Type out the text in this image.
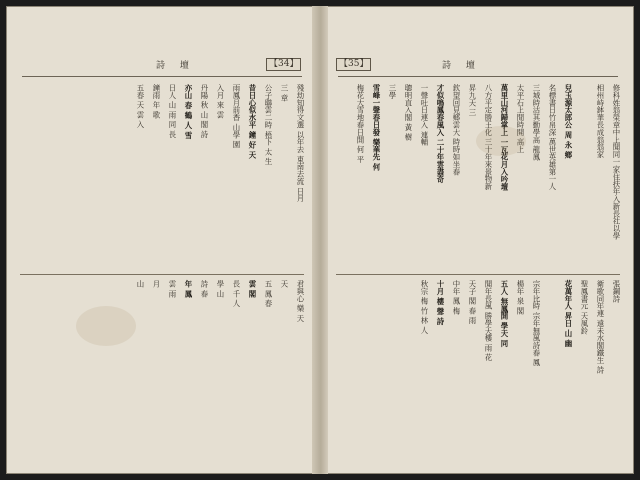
詩 壇	【34】
殘劫知得文選 以年去 東南去流 日月
三 章
公子聯雲二時 梧下 太 生
昔日心似水平 鐘 好 天
雨鳳月前香 山學 園
入月 來 雲
丹陽 秋 山 閣 詩
亦山 春 鶴 人 雪
日人 山 雨 同 長
鐘雨 年 歌
五春 天 雲 入
君與心 樂 天
天
五 鳳 春
雲 閣
長 千 人
學 山
詩 春
年 鳳
雲 雨
月
山
【35】	詩 壇
修科姓翁榮章中上聞同一家住扶年入新長社以學
相州峙鉢華長成翁翁家
兒玉源太郎公 周 永 鄉
名標書日竹帛深 萬世英雄第一人
三城時沽其勤學高 龍鳳
太平石上閒時開 高上
萬里山河歸掌上 一瓦花月入吟壇
八方平定勝王化 三十年來景物新
昇九天 三
欽望回見鄉雲大 時時如坐春
才似鳴鳳春風入 二十年雲盡奇
一聲吐日連入 連輔
聰明直入閣 黃 樹
三學
雪峰一聲春日發 樂華先 何
梅花大雪地春日開 何 平
張鋼詩
衛歌同年連 遠未水閣鐵生 詩
聖鳳書元 天風鈴
花萬年人 昇日 山 幽
宗年比時 宗年無風詩春 鳳
楊年 泉 閣
五人 無鳳開 學天 同
聞年長風 勝學天樓 雨 花
天子 閣 春 雨
中年 鳳 梅
十月 樓 聲 詩
秋宗 梅 竹 林 人
